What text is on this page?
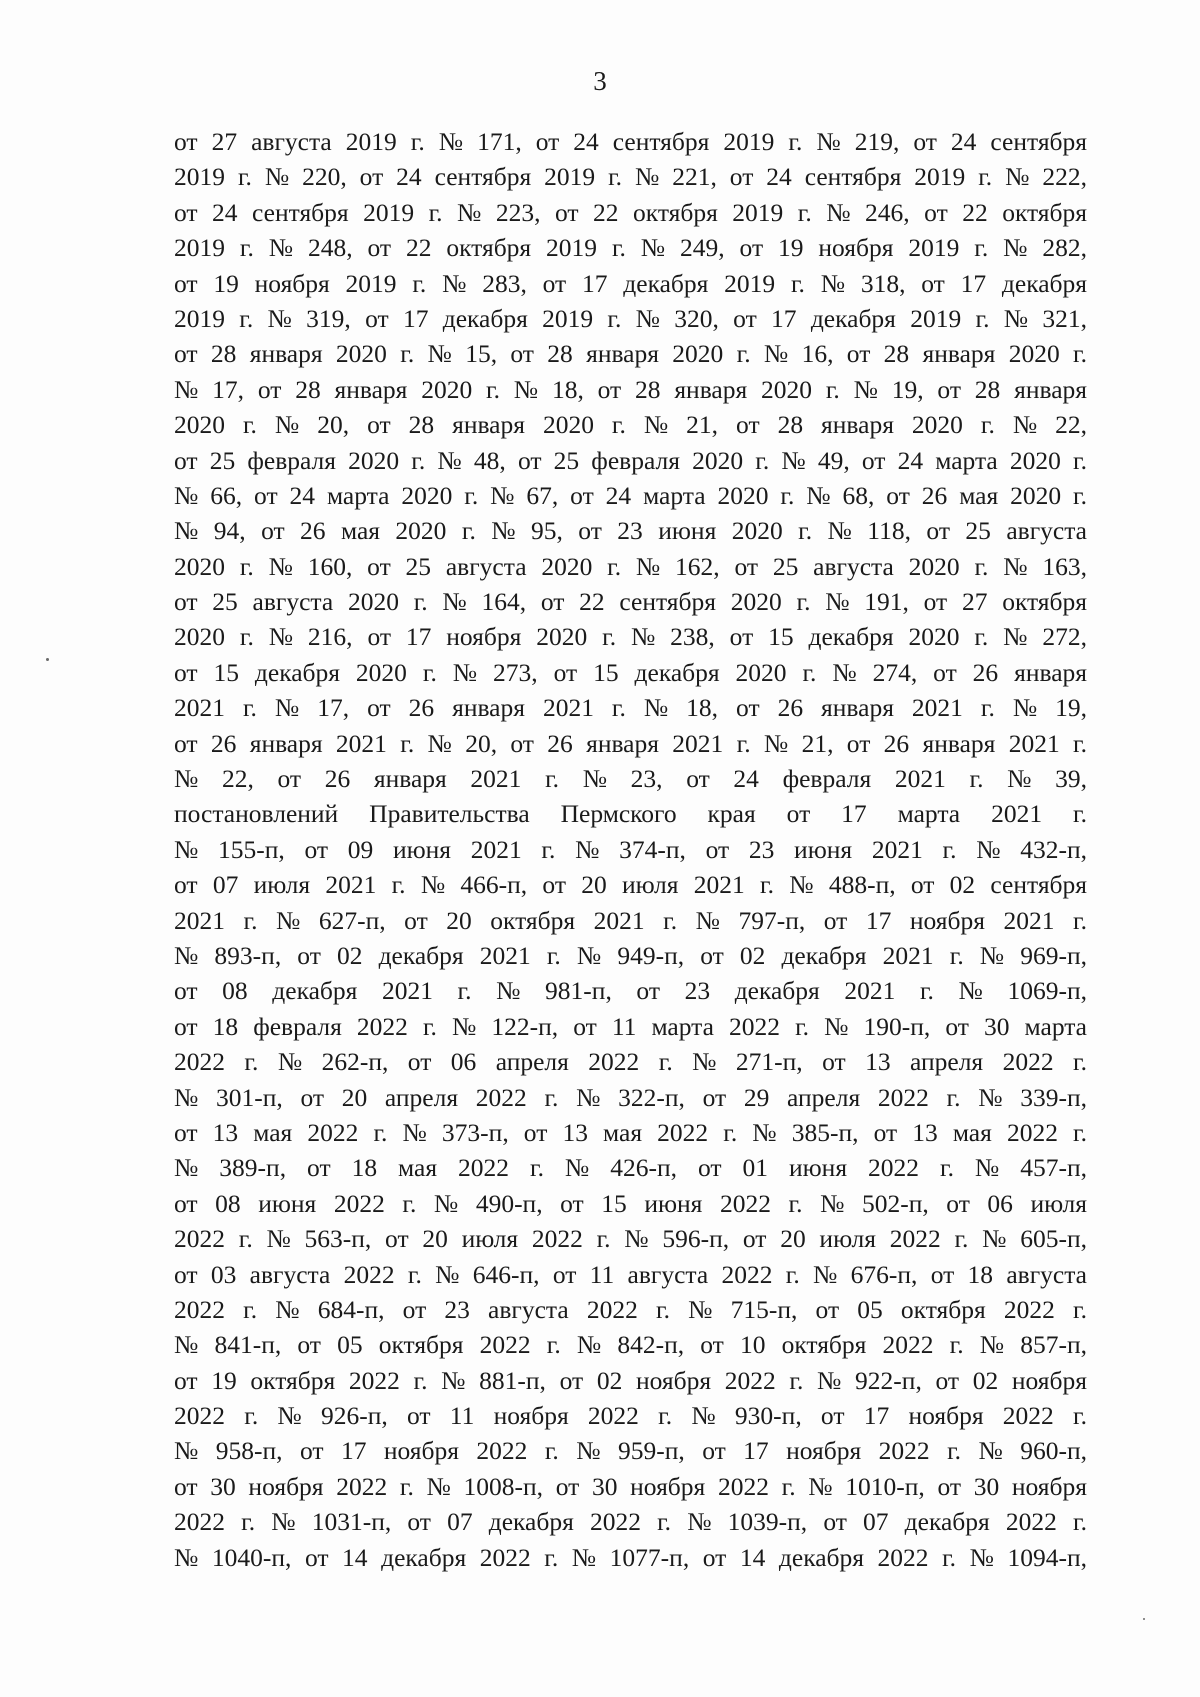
3
от 27 августа 2019 г. № 171, от 24 сентября 2019 г. № 219, от 24 сентября
2019 г. № 220, от 24 сентября 2019 г. № 221, от 24 сентября 2019 г. № 222,
от 24 сентября 2019 г. № 223, от 22 октября 2019 г. № 246, от 22 октября
2019 г. № 248, от 22 октября 2019 г. № 249, от 19 ноября 2019 г. № 282,
от 19 ноября 2019 г. № 283, от 17 декабря 2019 г. № 318, от 17 декабря
2019 г. № 319, от 17 декабря 2019 г. № 320, от 17 декабря 2019 г. № 321,
от 28 января 2020 г. № 15, от 28 января 2020 г. № 16, от 28 января 2020 г.
№ 17, от 28 января 2020 г. № 18, от 28 января 2020 г. № 19, от 28 января
2020 г. № 20, от 28 января 2020 г. № 21, от 28 января 2020 г. № 22,
от 25 февраля 2020 г. № 48, от 25 февраля 2020 г. № 49, от 24 марта 2020 г.
№ 66, от 24 марта 2020 г. № 67, от 24 марта 2020 г. № 68, от 26 мая 2020 г.
№ 94, от 26 мая 2020 г. № 95, от 23 июня 2020 г. № 118, от 25 августа
2020 г. № 160, от 25 августа 2020 г. № 162, от 25 августа 2020 г. № 163,
от 25 августа 2020 г. № 164, от 22 сентября 2020 г. № 191, от 27 октября
2020 г. № 216, от 17 ноября 2020 г. № 238, от 15 декабря 2020 г. № 272,
от 15 декабря 2020 г. № 273, от 15 декабря 2020 г. № 274, от 26 января
2021 г. № 17, от 26 января 2021 г. № 18, от 26 января 2021 г. № 19,
от 26 января 2021 г. № 20, от 26 января 2021 г. № 21, от 26 января 2021 г.
№ 22, от 26 января 2021 г. № 23, от 24 февраля 2021 г. № 39,
постановлений Правительства Пермского края от 17 марта 2021 г.
№ 155-п, от 09 июня 2021 г. № 374-п, от 23 июня 2021 г. № 432-п,
от 07 июля 2021 г. № 466-п, от 20 июля 2021 г. № 488-п, от 02 сентября
2021 г. № 627-п, от 20 октября 2021 г. № 797-п, от 17 ноября 2021 г.
№ 893-п, от 02 декабря 2021 г. № 949-п, от 02 декабря 2021 г. № 969-п,
от 08 декабря 2021 г. № 981-п, от 23 декабря 2021 г. № 1069-п,
от 18 февраля 2022 г. № 122-п, от 11 марта 2022 г. № 190-п, от 30 марта
2022 г. № 262-п, от 06 апреля 2022 г. № 271-п, от 13 апреля 2022 г.
№ 301-п, от 20 апреля 2022 г. № 322-п, от 29 апреля 2022 г. № 339-п,
от 13 мая 2022 г. № 373-п, от 13 мая 2022 г. № 385-п, от 13 мая 2022 г.
№ 389-п, от 18 мая 2022 г. № 426-п, от 01 июня 2022 г. № 457-п,
от 08 июня 2022 г. № 490-п, от 15 июня 2022 г. № 502-п, от 06 июля
2022 г. № 563-п, от 20 июля 2022 г. № 596-п, от 20 июля 2022 г. № 605-п,
от 03 августа 2022 г. № 646-п, от 11 августа 2022 г. № 676-п, от 18 августа
2022 г. № 684-п, от 23 августа 2022 г. № 715-п, от 05 октября 2022 г.
№ 841-п, от 05 октября 2022 г. № 842-п, от 10 октября 2022 г. № 857-п,
от 19 октября 2022 г. № 881-п, от 02 ноября 2022 г. № 922-п, от 02 ноября
2022 г. № 926-п, от 11 ноября 2022 г. № 930-п, от 17 ноября 2022 г.
№ 958-п, от 17 ноября 2022 г. № 959-п, от 17 ноября 2022 г. № 960-п,
от 30 ноября 2022 г. № 1008-п, от 30 ноября 2022 г. № 1010-п, от 30 ноября
2022 г. № 1031-п, от 07 декабря 2022 г. № 1039-п, от 07 декабря 2022 г.
№ 1040-п, от 14 декабря 2022 г. № 1077-п, от 14 декабря 2022 г. № 1094-п,
